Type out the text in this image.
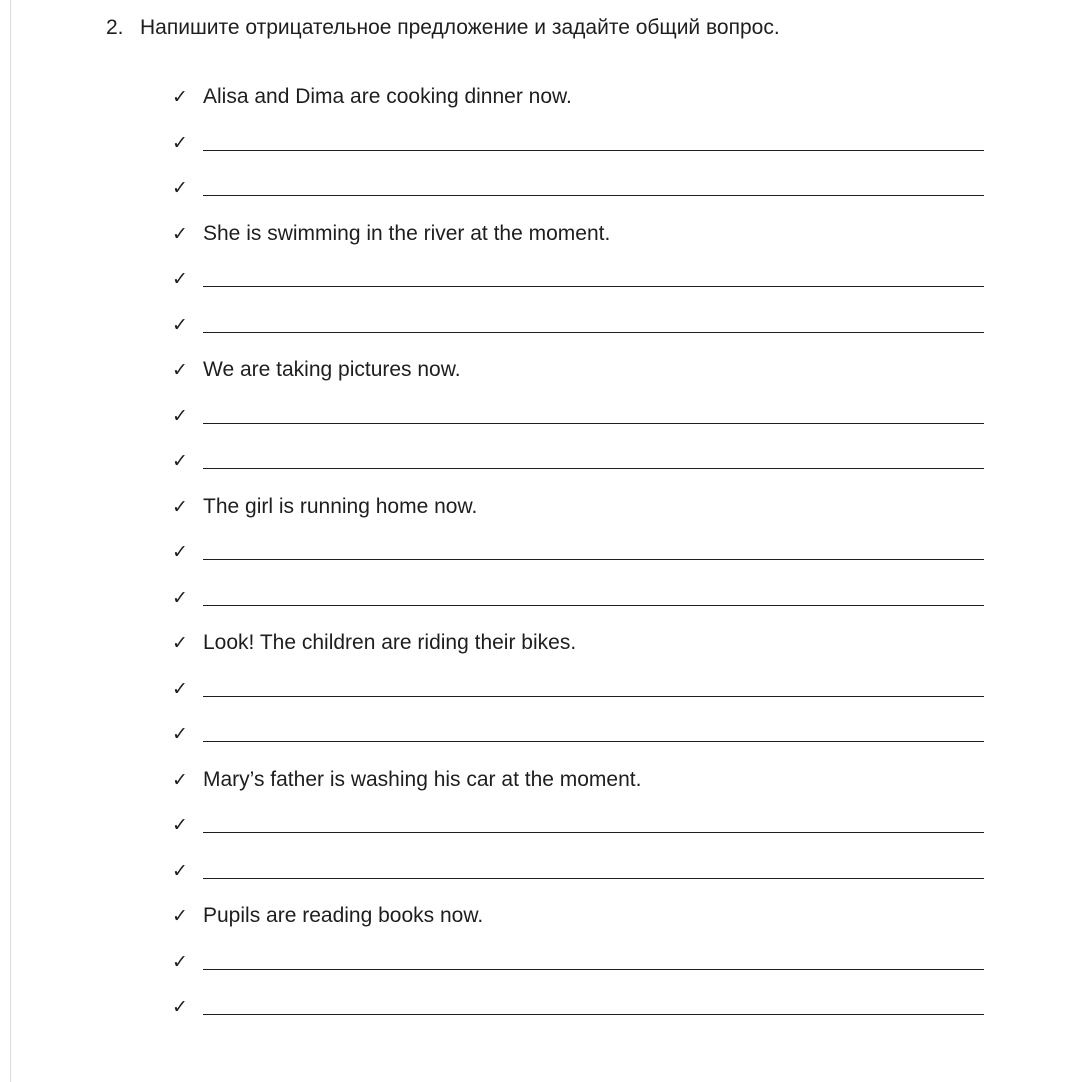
2. Напишите отрицательное предложение и задайте общий вопрос.
✓ Alisa and Dima are cooking dinner now.
✓
✓
✓ She is swimming in the river at the moment.
✓
✓
✓ We are taking pictures now.
✓
✓
✓ The girl is running home now.
✓
✓
✓ Look! The children are riding their bikes.
✓
✓
✓ Mary’s father is washing his car at the moment.
✓
✓
✓ Pupils are reading books now.
✓
✓
